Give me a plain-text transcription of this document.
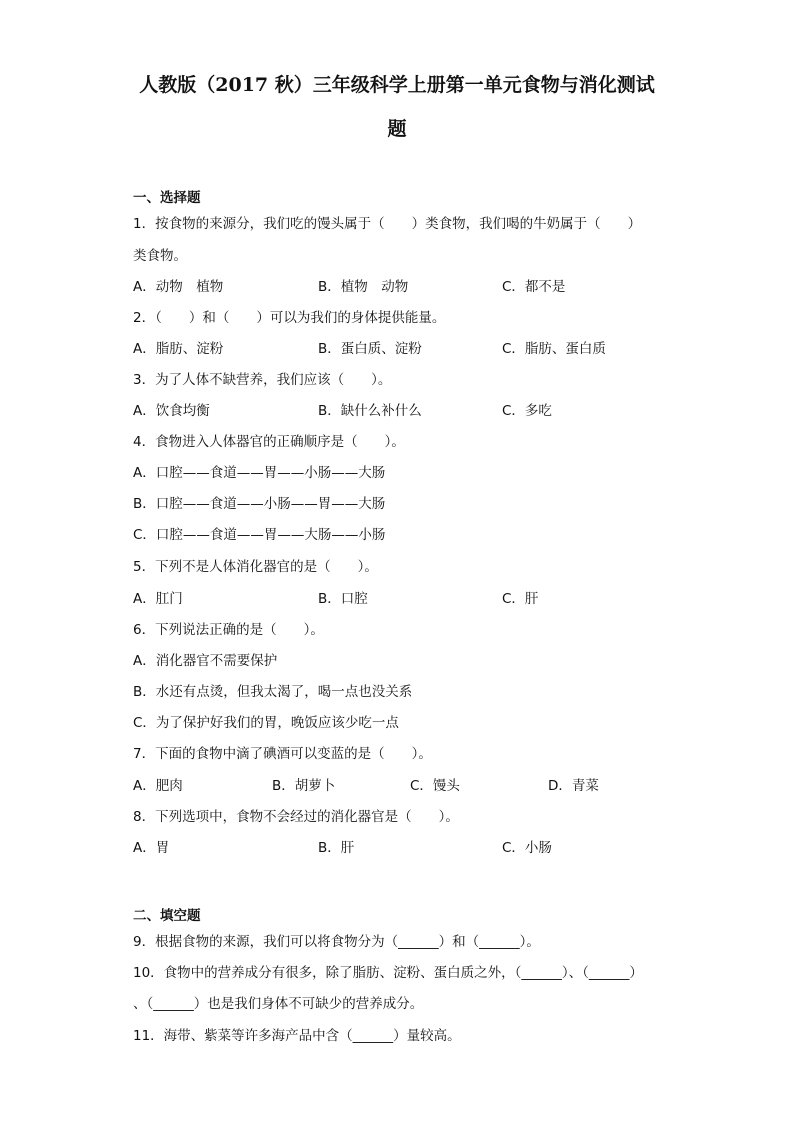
人教版（2017 秋）三年级科学上册第一单元食物与消化测试
题
一、选择题
1．按食物的来源分，我们吃的馒头属于（　　）类食物，我们喝的牛奶属于（　　）
类食物。
A．动物　植物	B．植物　动物	C．都不是
2．（　　）和（　　）可以为我们的身体提供能量。
A．脂肪、淀粉	B．蛋白质、淀粉	C．脂肪、蛋白质
3．为了人体不缺营养，我们应该（　　）。
A．饮食均衡	B．缺什么补什么	C．多吃
4．食物进入人体器官的正确顺序是（　　）。
A．口腔——食道——胃——小肠——大肠
B．口腔——食道——小肠——胃——大肠
C．口腔——食道——胃——大肠——小肠
5．下列不是人体消化器官的是（　　）。
A．肛门	B．口腔	C．肝
6．下列说法正确的是（　　）。
A．消化器官不需要保护
B．水还有点烫，但我太渴了，喝一点也没关系
C．为了保护好我们的胃，晚饭应该少吃一点
7．下面的食物中滴了碘酒可以变蓝的是（　　）。
A．肥肉	B．胡萝卜	C．馒头	D．青菜
8．下列选项中，食物不会经过的消化器官是（　　）。
A．胃	B．肝	C．小肠
二、填空题
9．根据食物的来源，我们可以将食物分为（______）和（______）。
10．食物中的营养成分有很多，除了脂肪、淀粉、蛋白质之外，（______）、（______）
、（______）也是我们身体不可缺少的营养成分。
11．海带、紫菜等许多海产品中含（______）量较高。
